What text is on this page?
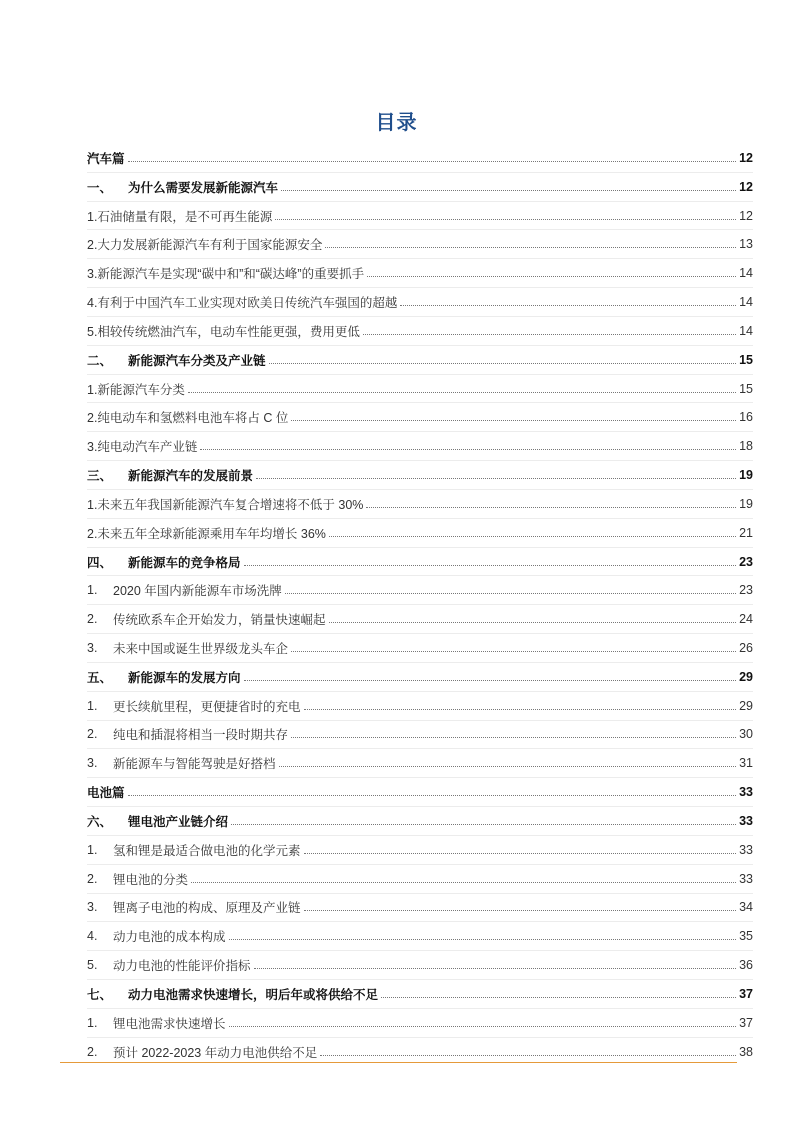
目录
汽车篇	12
一、	为什么需要发展新能源汽车	12
1.石油储量有限，是不可再生能源	12
2.大力发展新能源汽车有利于国家能源安全	13
3.新能源汽车是实现“碳中和”和“碳达峰”的重要抓手	14
4.有利于中国汽车工业实现对欧美日传统汽车强国的超越	14
5.相较传统燃油汽车，电动车性能更强，费用更低	14
二、	新能源汽车分类及产业链	15
1.新能源汽车分类	15
2.纯电动车和氢燃料电池车将占 C 位	16
3.纯电动汽车产业链	18
三、	新能源汽车的发展前景	19
1.未来五年我国新能源汽车复合增速将不低于 30%	19
2.未来五年全球新能源乘用车年均增长 36%	21
四、	新能源车的竞争格局	23
1.	2020 年国内新能源车市场洗牌	23
2.	传统欧系车企开始发力，销量快速崛起	24
3.	未来中国或诞生世界级龙头车企	26
五、	新能源车的发展方向	29
1.	更长续航里程，更便捷省时的充电	29
2.	纯电和插混将相当一段时期共存	30
3.	新能源车与智能驾驶是好搭档	31
电池篇	33
六、	锂电池产业链介绍	33
1.	氢和锂是最适合做电池的化学元素	33
2.	锂电池的分类	33
3.	锂离子电池的构成、原理及产业链	34
4.	动力电池的成本构成	35
5.	动力电池的性能评价指标	36
七、	动力电池需求快速增长，明后年或将供给不足	37
1.	锂电池需求快速增长	37
2.	预计 2022-2023 年动力电池供给不足	38
